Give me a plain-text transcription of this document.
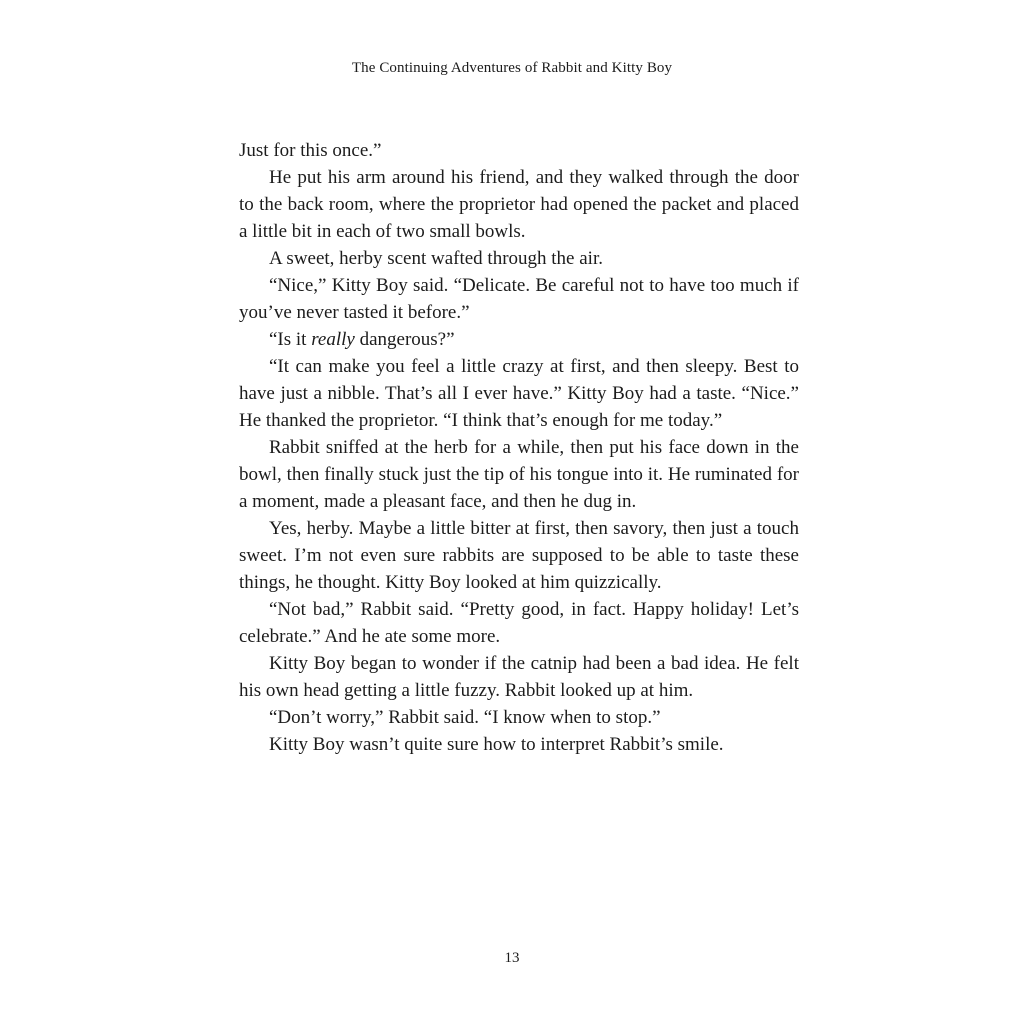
The Continuing Adventures of Rabbit and Kitty Boy

Just for this once.”

He put his arm around his friend, and they walked through the door to the back room, where the proprietor had opened the packet and placed a little bit in each of two small bowls.

A sweet, herby scent wafted through the air.

“Nice,” Kitty Boy said. “Delicate. Be careful not to have too much if you’ve never tasted it before.”

“Is it really dangerous?”

“It can make you feel a little crazy at first, and then sleepy. Best to have just a nibble. That’s all I ever have.” Kitty Boy had a taste. “Nice.” He thanked the proprietor. “I think that’s enough for me today.”

Rabbit sniffed at the herb for a while, then put his face down in the bowl, then finally stuck just the tip of his tongue into it. He ruminated for a moment, made a pleasant face, and then he dug in.

Yes, herby. Maybe a little bitter at first, then savory, then just a touch sweet. I’m not even sure rabbits are supposed to be able to taste these things, he thought. Kitty Boy looked at him quizzically.

“Not bad,” Rabbit said. “Pretty good, in fact. Happy holiday! Let’s celebrate.” And he ate some more.

Kitty Boy began to wonder if the catnip had been a bad idea. He felt his own head getting a little fuzzy. Rabbit looked up at him.

“Don’t worry,” Rabbit said. “I know when to stop.”

Kitty Boy wasn’t quite sure how to interpret Rabbit’s smile.

13
